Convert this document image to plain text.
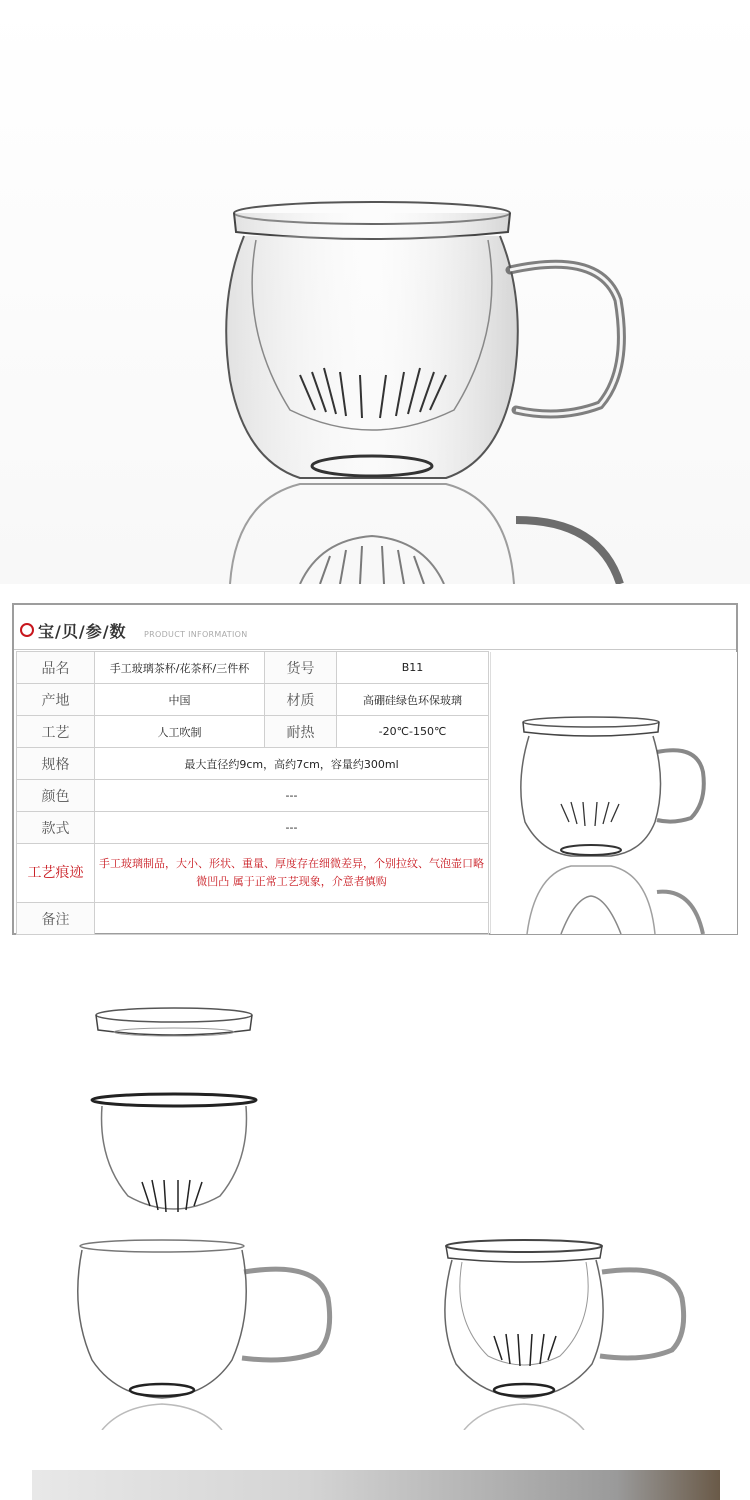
宝/贝/参/数 PRODUCT INFORMATION
品名	手工玻璃茶杯/花茶杯/三件杯	货号	B11
产地	中国	材质	高硼硅绿色环保玻璃
工艺	人工吹制	耐热	-20℃-150℃
规格	最大直径约9cm，高约7cm，容量约300ml		
颜色	---		
款式	---		
工艺痕迹	手工玻璃制品，大小、形状、重量、厚度存在细微差异，个别拉纹、气泡壶口略微凹凸 属于正常工艺现象，介意者慎购		
备注			
